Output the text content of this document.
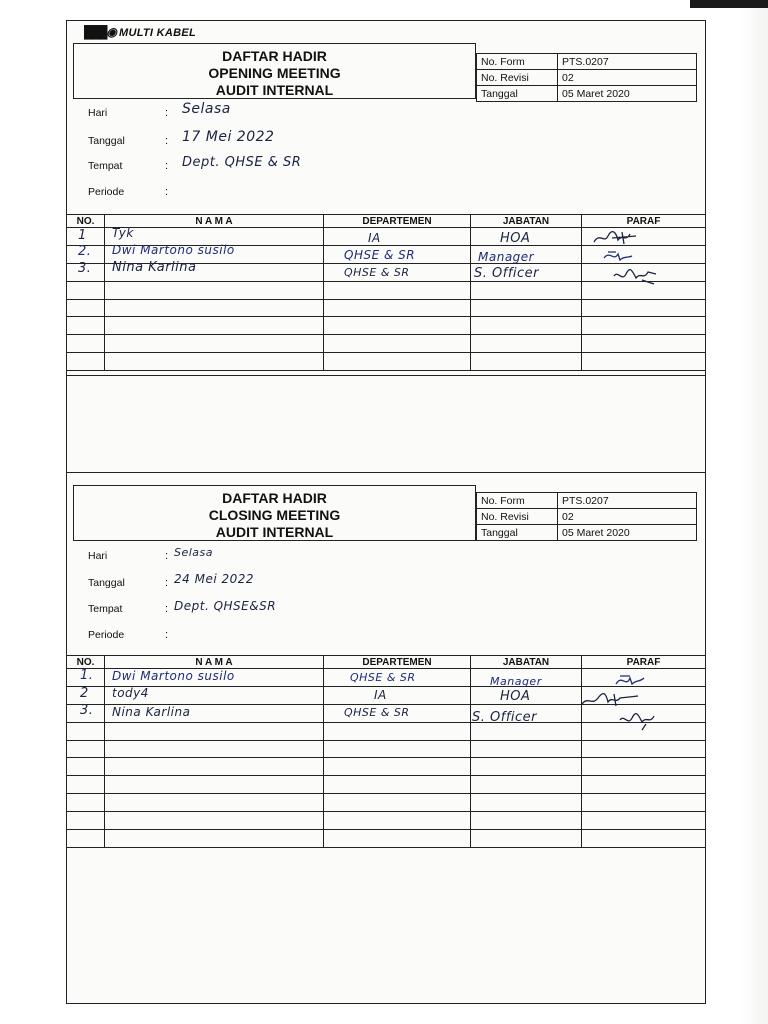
███◉ MULTI KABEL
DAFTAR HADIR
OPENING MEETING
AUDIT INTERNAL
No. Form	PTS.0207
No. Revisi	02
Tanggal	05 Maret 2020
Hari	: Selasa
Tanggal	: 17 Mei 2022
Tempat	: Dept. QHSE & SR
Periode	:
NO.	N A M A	DEPARTEMEN	JABATAN	PARAF

1 Tyk	IA	HOA
2. Dwi Martono susilo	QHSE & SR	Manager
3. Nina Karlina	QHSE & SR	S. Officer
DAFTAR HADIR
CLOSING MEETING
AUDIT INTERNAL
No. Form	PTS.0207
No. Revisi	02
Tanggal	05 Maret 2020
Hari	: Selasa
Tanggal	: 24 Mei 2022
Tempat	: Dept. QHSE&SR
Periode	:
NO.	N A M A	DEPARTEMEN	JABATAN	PARAF

1. Dwi Martono susilo	QHSE & SR	Manager
2 tody4	IA	HOA
3. Nina Karlina	QHSE & SR	S. Officer
